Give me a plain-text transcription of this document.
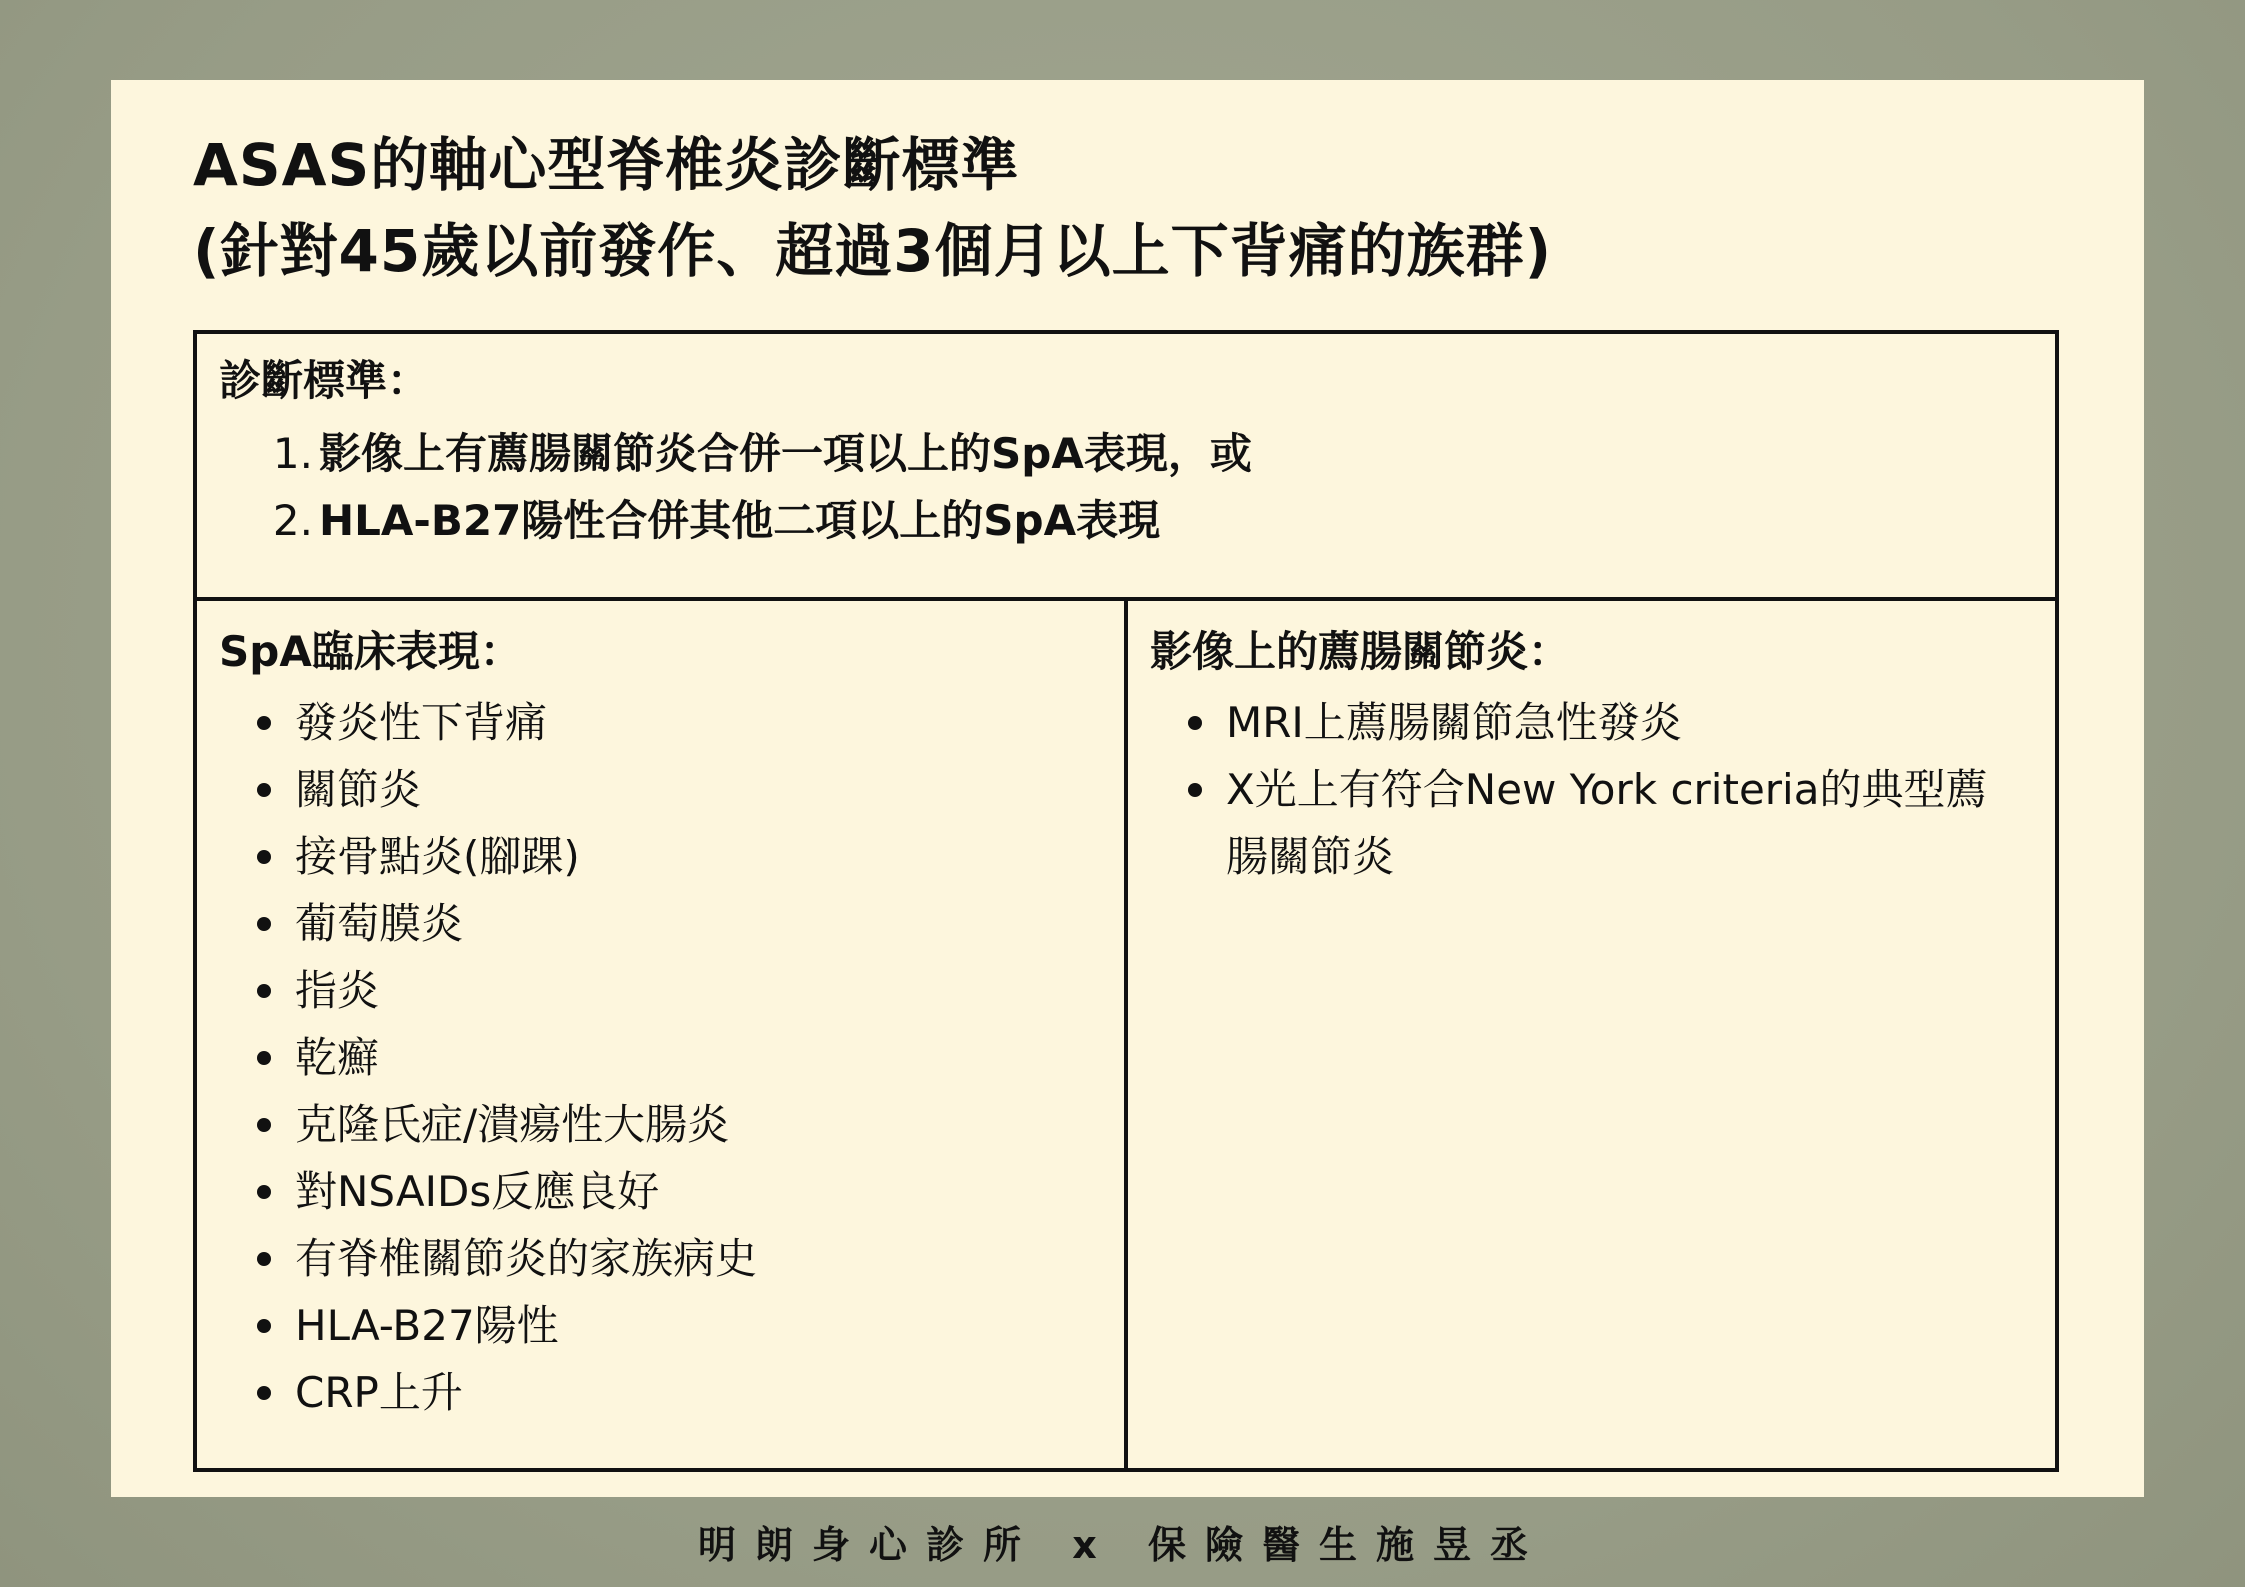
ASAS的軸心型脊椎炎診斷標準
(針對45歲以前發作、超過3個月以上下背痛的族群)
診斷標準：
1. 影像上有薦腸關節炎合併一項以上的SpA表現，或
2. HLA-B27陽性合併其他二項以上的SpA表現
SpA臨床表現：
發炎性下背痛
關節炎
接骨點炎(腳踝)
葡萄膜炎
指炎
乾癬
克隆氏症/潰瘍性大腸炎
對NSAIDs反應良好
有脊椎關節炎的家族病史
HLA-B27陽性
CRP上升
影像上的薦腸關節炎：
MRI上薦腸關節急性發炎
X光上有符合New York criteria的典型薦腸關節炎
明朗身心診所 x 保險醫生施昱丞
